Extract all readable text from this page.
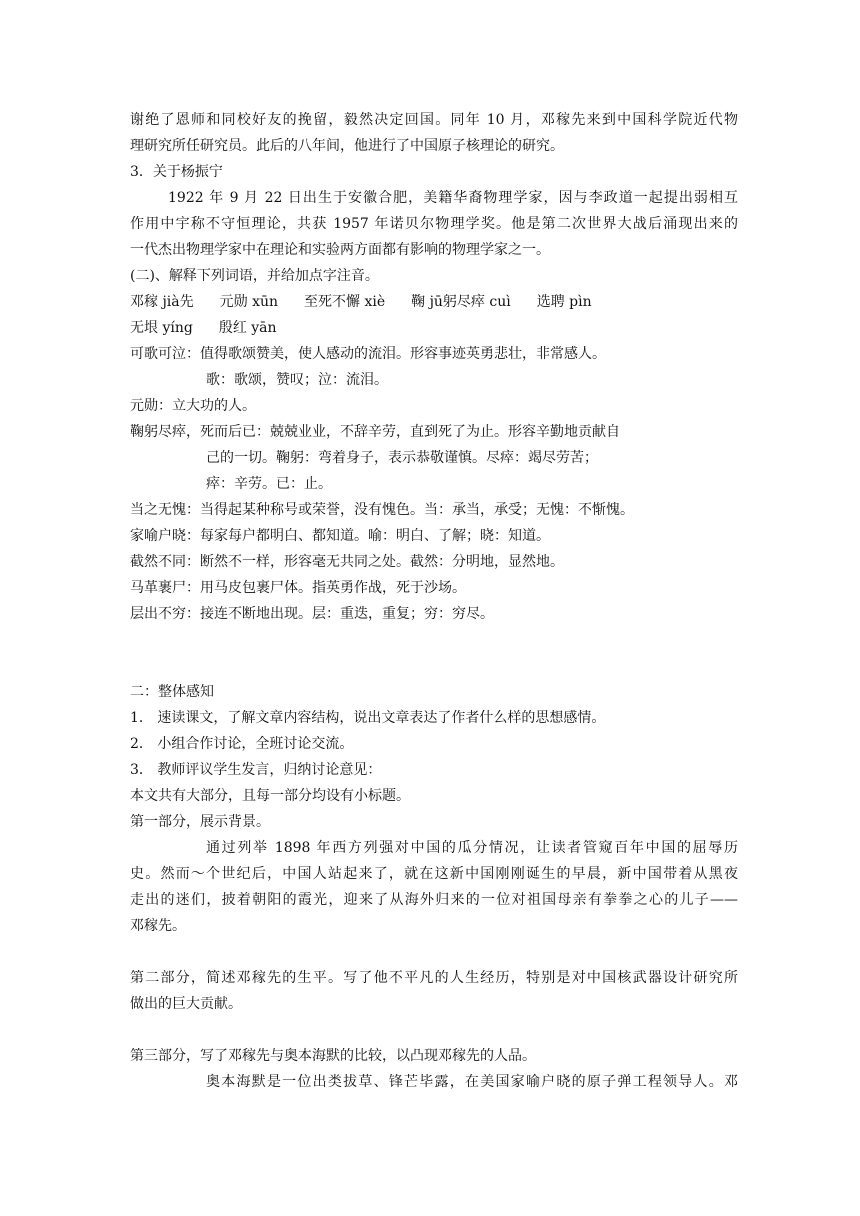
谢绝了恩师和同校好友的挽留，毅然决定回国。同年 10 月，邓稼先来到中国科学院近代物
理研究所任研究员。此后的八年间，他进行了中国原子核理论的研究。
3．关于杨振宁
1922 年 9 月 22 日出生于安徽合肥，美籍华裔物理学家，因与李政道一起提出弱相互
作用中宇称不守恒理论，共获 1957 年诺贝尔物理学奖。他是第二次世界大战后涌现出来的
一代杰出物理学家中在理论和实验两方面都有影响的物理学家之一。
(二)、解释下列词语，并给加点字注音。
邓稼 jià先 元勋 xūn 至死不懈 xiè 鞠 jū躬尽瘁 cuì 选聘 pìn
无垠 yíng 殷红 yān
可歌可泣：值得歌颂赞美，使人感动的流泪。形容事迹英勇悲壮，非常感人。
歌：歌颂，赞叹；泣：流泪。
元勋：立大功的人。
鞠躬尽瘁，死而后已：兢兢业业，不辞辛劳，直到死了为止。形容辛勤地贡献自
己的一切。鞠躬：弯着身子，表示恭敬谨慎。尽瘁：竭尽劳苦；
瘁：辛劳。已：止。
当之无愧：当得起某种称号或荣誉，没有愧色。当：承当，承受；无愧：不惭愧。
家喻户晓：每家每户都明白、都知道。喻：明白、了解；晓：知道。
截然不同：断然不一样，形容毫无共同之处。截然：分明地，显然地。
马革裹尸：用马皮包裹尸体。指英勇作战，死于沙场。
层出不穷：接连不断地出现。层：重迭，重复；穷：穷尽。
二：整体感知
1． 速读课文，了解文章内容结构，说出文章表达了作者什么样的思想感情。
2． 小组合作讨论，全班讨论交流。
3． 教师评议学生发言，归纳讨论意见：
本文共有大部分，且每一部分均设有小标题。
第一部分，展示背景。
通过列举 1898 年西方列强对中国的瓜分情况，让读者管窥百年中国的屈辱历
史。然而～个世纪后，中国人站起来了，就在这新中国刚刚诞生的早晨，新中国带着从黑夜
走出的迷们，披着朝阳的霞光，迎来了从海外归来的一位对祖国母亲有拳拳之心的儿子——
邓稼先。
第二部分，简述邓稼先的生平。写了他不平凡的人生经历，特别是对中国核武器设计研究所
做出的巨大贡献。
第三部分，写了邓稼先与奥本海默的比较，以凸现邓稼先的人品。
奥本海默是一位出类拔草、锋芒毕露，在美国家喻户晓的原子弹工程领导人。邓
